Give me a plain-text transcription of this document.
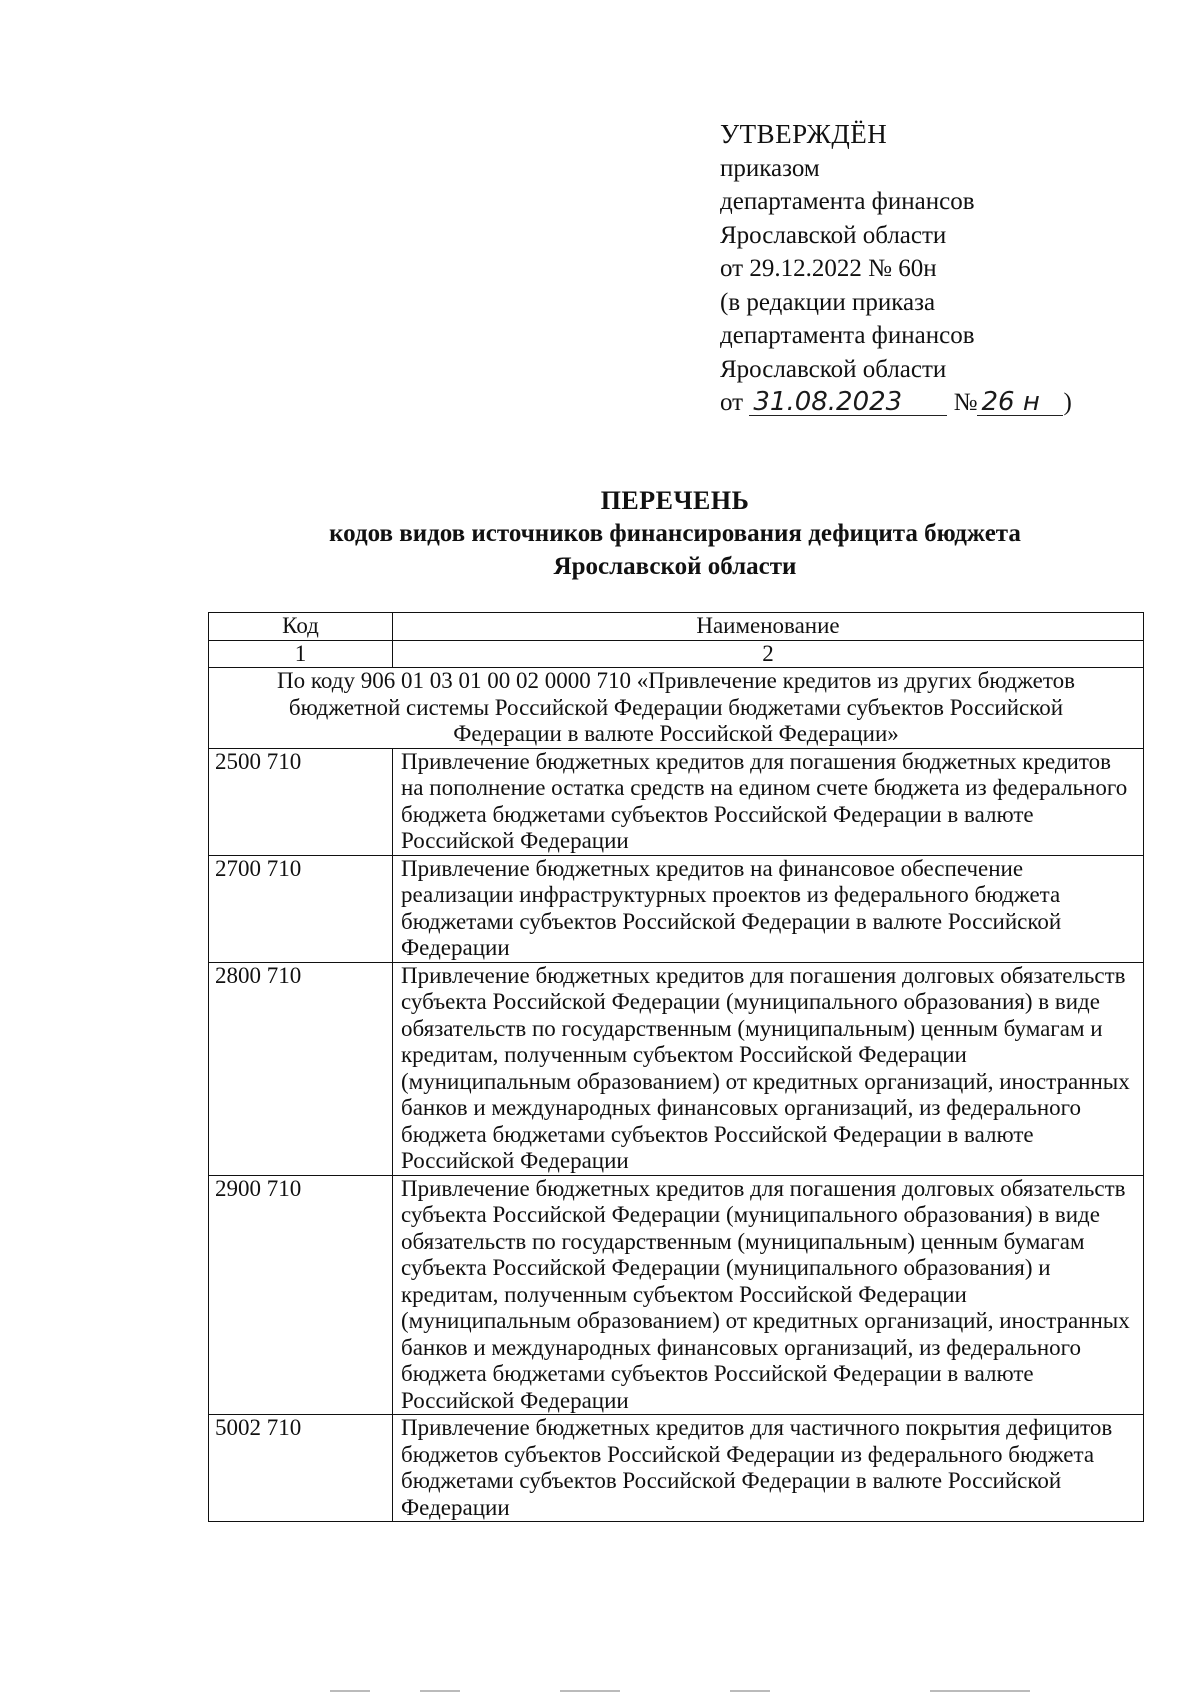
УТВЕРЖДЁН
приказом
департамента финансов
Ярославской области
от 29.12.2022 № 60н
(в редакции приказа
департамента финансов
Ярославской области
от 31.08.2023 № 26 н )
ПЕРЕЧЕНЬ
кодов видов источников финансирования дефицита бюджета
Ярославской области
Код	Наименование
1	2
По коду 906 01 03 01 00 02 0000 710 «Привлечение кредитов из других бюджетов бюджетной системы Российской Федерации бюджетами субъектов Российской Федерации в валюте Российской Федерации»	
2500 710	Привлечение бюджетных кредитов для погашения бюджетных кредитов на пополнение остатка средств на едином счете бюджета из федерального бюджета бюджетами субъектов Российской Федерации в валюте Российской Федерации
2700 710	Привлечение бюджетных кредитов на финансовое обеспечение реализации инфраструктурных проектов из федерального бюджета бюджетами субъектов Российской Федерации в валюте Российской Федерации
2800 710	Привлечение бюджетных кредитов для погашения долговых обязательств субъекта Российской Федерации (муниципального образования) в виде обязательств по государственным (муниципальным) ценным бумагам и кредитам, полученным субъектом Российской Федерации (муниципальным образованием) от кредитных организаций, иностранных банков и международных финансовых организаций, из федерального бюджета бюджетами субъектов Российской Федерации в валюте Российской Федерации
2900 710	Привлечение бюджетных кредитов для погашения долговых обязательств субъекта Российской Федерации (муниципального образования) в виде обязательств по государственным (муниципальным) ценным бумагам субъекта Российской Федерации (муниципального образования) и кредитам, полученным субъектом Российской Федерации (муниципальным образованием) от кредитных организаций, иностранных банков и международных финансовых организаций, из федерального бюджета бюджетами субъектов Российской Федерации в валюте Российской Федерации
5002 710	Привлечение бюджетных кредитов для частичного покрытия дефицитов бюджетов субъектов Российской Федерации из федерального бюджета бюджетами субъектов Российской Федерации в валюте Российской Федерации
